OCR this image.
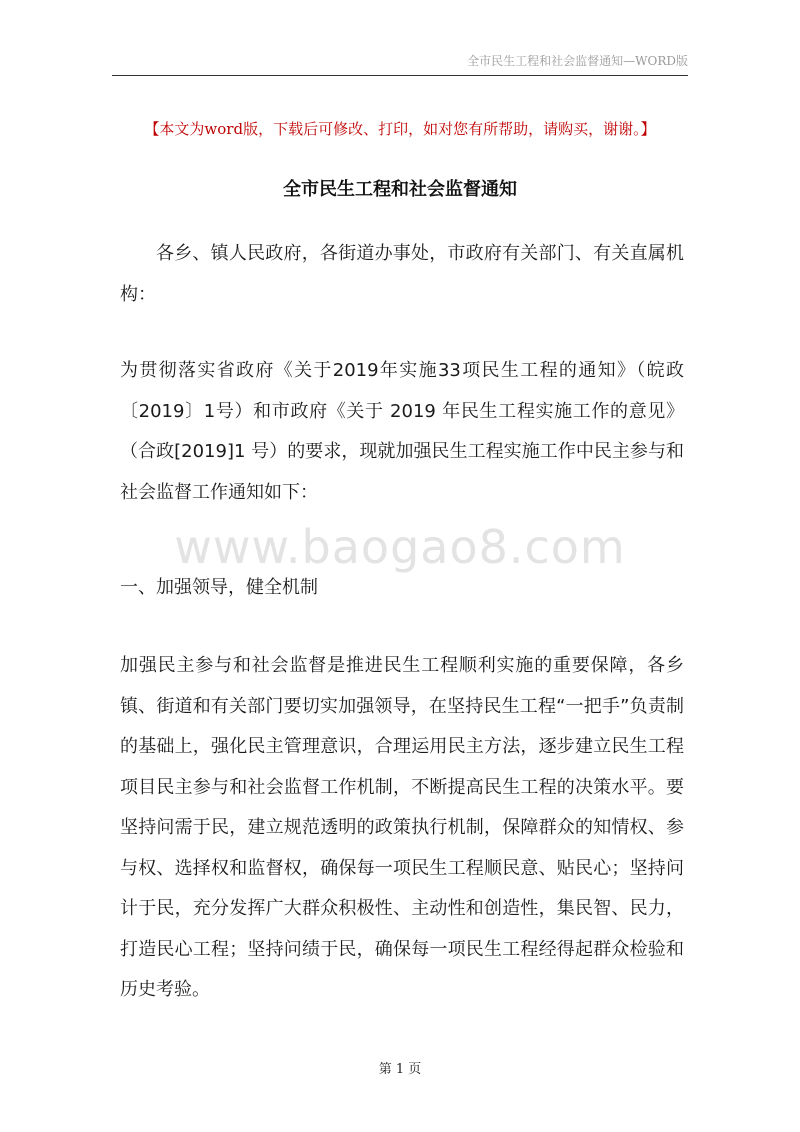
全市民生工程和社会监督通知—WORD版
【本文为word版，下载后可修改、打印，如对您有所帮助，请购买，谢谢。】
全市民生工程和社会监督通知
各乡、镇人民政府，各街道办事处，市政府有关部门、有关直属机构：
为贯彻落实省政府《关于2019年实施33项民生工程的通知》（皖政〔2019〕1号）和市政府《关于 2019 年民生工程实施工作的意见》（合政[2019]1 号）的要求，现就加强民生工程实施工作中民主参与和社会监督工作通知如下：
www.baogao8.com
一、加强领导，健全机制
加强民主参与和社会监督是推进民生工程顺利实施的重要保障，各乡镇、街道和有关部门要切实加强领导，在坚持民生工程“一把手”负责制的基础上，强化民主管理意识，合理运用民主方法，逐步建立民生工程项目民主参与和社会监督工作机制，不断提高民生工程的决策水平。要坚持问需于民，建立规范透明的政策执行机制，保障群众的知情权、参与权、选择权和监督权，确保每一项民生工程顺民意、贴民心；坚持问计于民，充分发挥广大群众积极性、主动性和创造性，集民智、民力，打造民心工程；坚持问绩于民，确保每一项民生工程经得起群众检验和历史考验。
第 1 页
